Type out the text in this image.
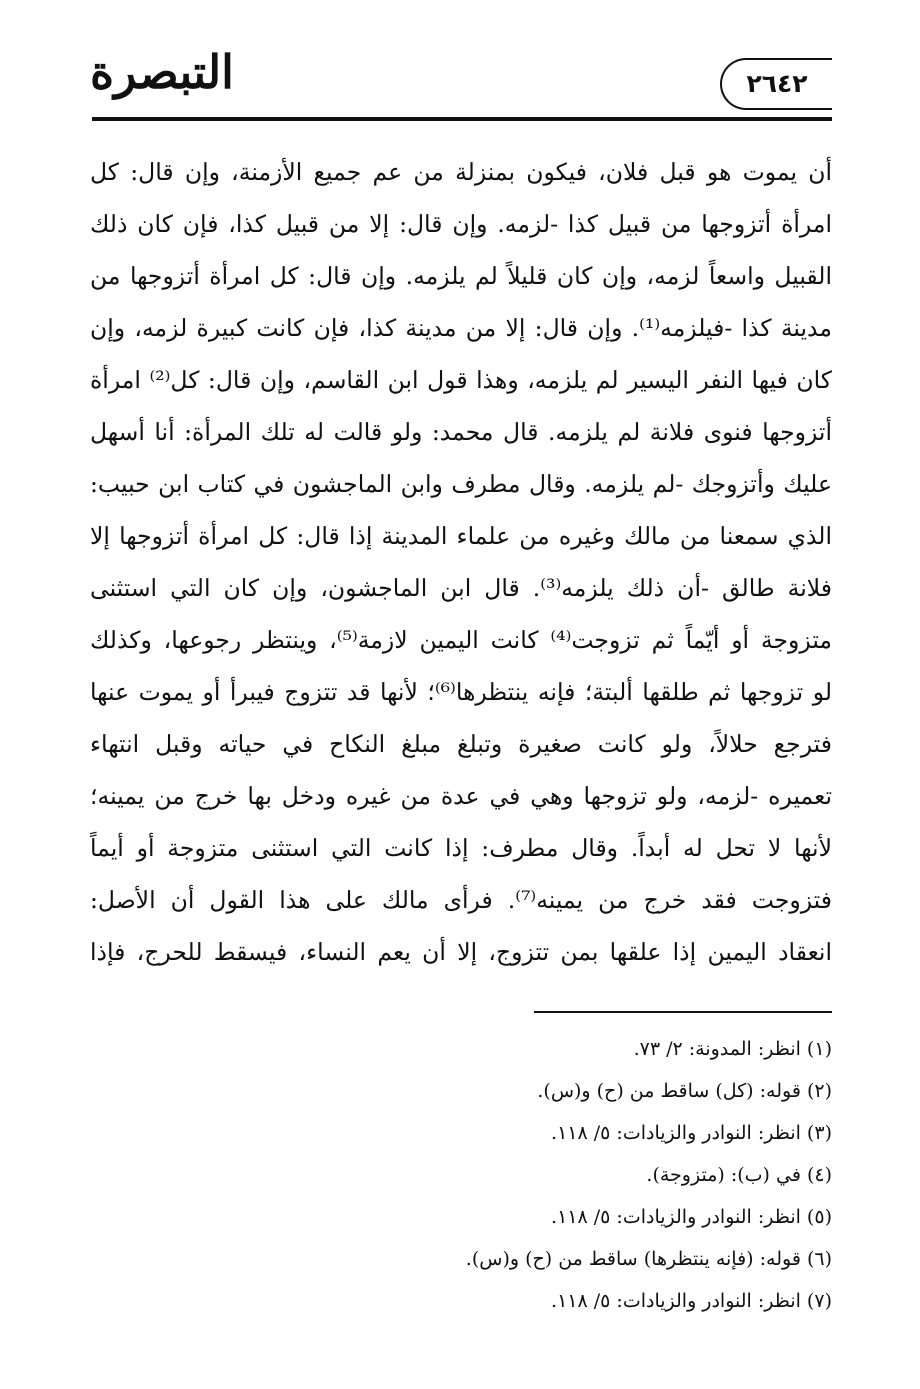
التبصرة	٢٦٤٢
أن يموت هو قبل فلان، فيكون بمنزلة من عم جميع الأزمنة، وإن قال: كل
امرأة أتزوجها من قبيل كذا -لزمه. وإن قال: إلا من قبيل كذا، فإن كان ذلك
القبيل واسعاً لزمه، وإن كان قليلاً لم يلزمه. وإن قال: كل امرأة أتزوجها من
مدينة كذا -فيلزمه⁽¹⁾. وإن قال: إلا من مدينة كذا، فإن كانت كبيرة لزمه، وإن
كان فيها النفر اليسير لم يلزمه، وهذا قول ابن القاسم، وإن قال: كل⁽²⁾ امرأة
أتزوجها فنوى فلانة لم يلزمه. قال محمد: ولو قالت له تلك المرأة: أنا أسهل
عليك وأتزوجك -لم يلزمه. وقال مطرف وابن الماجشون في كتاب ابن حبيب:
الذي سمعنا من مالك وغيره من علماء المدينة إذا قال: كل امرأة أتزوجها إلا
فلانة طالق -أن ذلك يلزمه⁽³⁾. قال ابن الماجشون، وإن كان التي استثنى
متزوجة أو أيّماً ثم تزوجت⁽⁴⁾ كانت اليمين لازمة⁽⁵⁾، وينتظر رجوعها، وكذلك
لو تزوجها ثم طلقها ألبتة؛ فإنه ينتظرها⁽⁶⁾؛ لأنها قد تتزوج فيبرأ أو يموت عنها
فترجع حلالاً، ولو كانت صغيرة وتبلغ مبلغ النكاح في حياته وقبل انتهاء
تعميره -لزمه، ولو تزوجها وهي في عدة من غيره ودخل بها خرج من يمينه؛
لأنها لا تحل له أبداً. وقال مطرف: إذا كانت التي استثنى متزوجة أو أيماً
فتزوجت فقد خرج من يمينه⁽⁷⁾. فرأى مالك على هذا القول أن الأصل:
انعقاد اليمين إذا علقها بمن تتزوج، إلا أن يعم النساء، فيسقط للحرج، فإذا
(١) انظر: المدونة: ٢/ ٧٣.
(٢) قوله: (كل) ساقط من (ح) و(س).
(٣) انظر: النوادر والزيادات: ٥/ ١١٨.
(٤) في (ب): (متزوجة).
(٥) انظر: النوادر والزيادات: ٥/ ١١٨.
(٦) قوله: (فإنه ينتظرها) ساقط من (ح) و(س).
(٧) انظر: النوادر والزيادات: ٥/ ١١٨.
